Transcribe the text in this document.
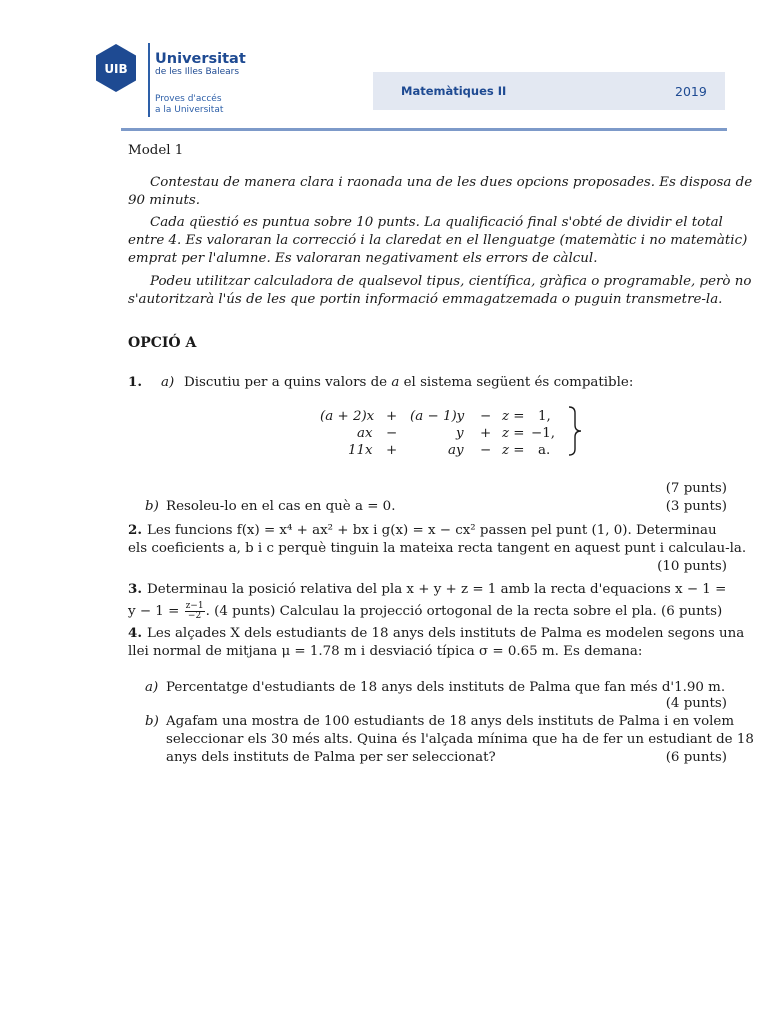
UIB
Universitat
de les Illes Balears
Proves d'accés
a la Universitat
Matemàtiques II	2019
Model 1
Contestau de manera clara i raonada una de les dues opcions proposades. Es disposa de
90 minuts.
Cada qüestió es puntua sobre 10 punts. La qualificació final s'obté de dividir el total
entre 4. Es valoraran la correcció i la claredat en el llenguatge (matemàtic i no matemàtic)
emprat per l'alumne. Es valoraran negativament els errors de càlcul.
Podeu utilitzar calculadora de qualsevol tipus, científica, gràfica o programable, però no
s'autoritzarà l'ús de les que portin informació emmagatzemada o puguin transmetre-la.
OPCIÓ A
1. a) Discutiu per a quins valors de a el sistema següent és compatible:
(a + 2)x + (a − 1)y − z = 1,
ax −	y + z = −1,
11x +	ay − z = a.
(7 punts)
b) Resoleu-lo en el cas en què a = 0.	(3 punts)
2. Les funcions f(x) = x⁴ + ax² + bx i g(x) = x − cx² passen pel punt (1, 0). Determinau
els coeficients a, b i c perquè tinguin la mateixa recta tangent en aquest punt i calculau-la.
(10 punts)
3. Determinau la posició relativa del pla x + y + z = 1 amb la recta d'equacions x − 1 =
$y - 1 = \frac{z-1}{-2}$ . (4 punts) Calculau la projecció ortogonal de la recta sobre el pla. (6 punts)
4. Les alçades X dels estudiants de 18 anys dels instituts de Palma es modelen segons una
llei normal de mitjana μ = 1.78 m i desviació típica σ = 0.65 m. Es demana:
a) Percentatge d'estudiants de 18 anys dels instituts de Palma que fan més d'1.90 m.
(4 punts)
b) Agafam una mostra de 100 estudiants de 18 anys dels instituts de Palma i en volem
seleccionar els 30 més alts. Quina és l'alçada mínima que ha de fer un estudiant de 18
anys dels instituts de Palma per ser seleccionat?	(6 punts)
